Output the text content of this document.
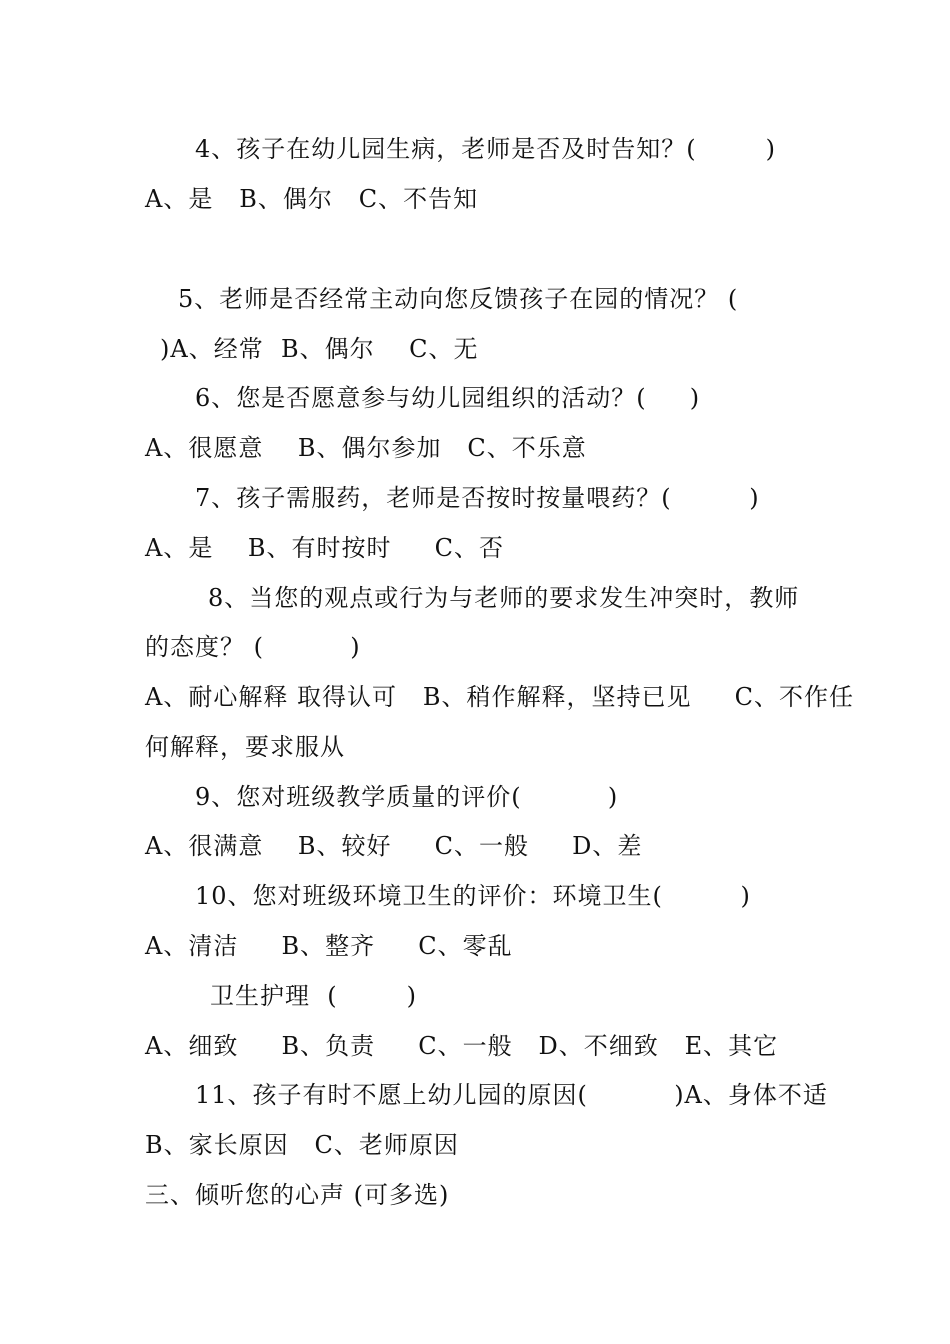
4、孩子在幼儿园生病，老师是否及时告知？(        )
A、是   B、偶尔   C、不告知
5、老师是否经常主动向您反馈孩子在园的情况？ (
)A、经常  B、偶尔    C、无
6、您是否愿意参与幼儿园组织的活动？(     )
A、很愿意    B、偶尔参加   C、不乐意
7、孩子需服药，老师是否按时按量喂药？(         )
A、是    B、有时按时     C、否
8、当您的观点或行为与老师的要求发生冲突时，教师
的态度？ (          )
A、耐心解释 取得认可   B、稍作解释，坚持已见     C、不作任
何解释，要求服从
9、您对班级教学质量的评价(          )
A、很满意    B、较好     C、一般     D、差
10、您对班级环境卫生的评价：环境卫生(         )
A、清洁     B、整齐     C、零乱
卫生护理  (        )
A、细致     B、负责     C、一般   D、不细致   E、其它
11、孩子有时不愿上幼儿园的原因(          )A、身体不适
B、家长原因   C、老师原因
三、倾听您的心声 (可多选)
